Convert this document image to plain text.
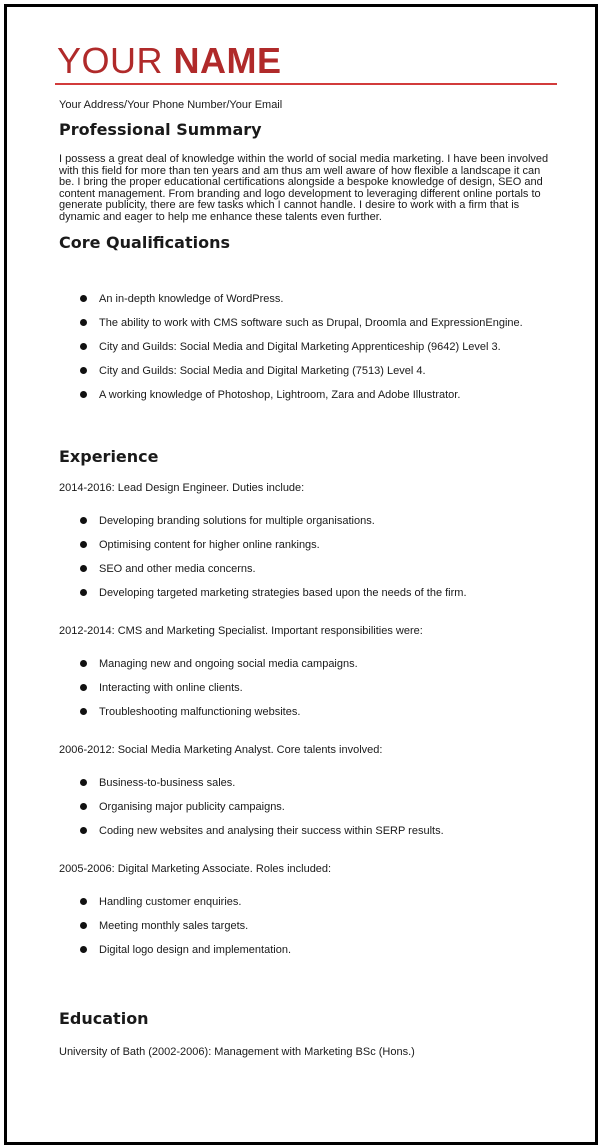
YOUR NAME
Your Address/Your Phone Number/Your Email
Professional Summary
I possess a great deal of knowledge within the world of social media marketing. I have been involved with this field for more than ten years and am thus am well aware of how flexible a landscape it can be. I bring the proper educational certifications alongside a bespoke knowledge of design, SEO and content management. From branding and logo development to leveraging different online portals to generate publicity, there are few tasks which I cannot handle. I desire to work with a firm that is dynamic and eager to help me enhance these talents even further.
Core Qualifications
An in-depth knowledge of WordPress.
The ability to work with CMS software such as Drupal, Droomla and ExpressionEngine.
City and Guilds: Social Media and Digital Marketing Apprenticeship (9642) Level 3.
City and Guilds: Social Media and Digital Marketing (7513) Level 4.
A working knowledge of Photoshop, Lightroom, Zara and Adobe Illustrator.
Experience
2014-2016: Lead Design Engineer. Duties include:
Developing branding solutions for multiple organisations.
Optimising content for higher online rankings.
SEO and other media concerns.
Developing targeted marketing strategies based upon the needs of the firm.
2012-2014: CMS and Marketing Specialist. Important responsibilities were:
Managing new and ongoing social media campaigns.
Interacting with online clients.
Troubleshooting malfunctioning websites.
2006-2012: Social Media Marketing Analyst. Core talents involved:
Business-to-business sales.
Organising major publicity campaigns.
Coding new websites and analysing their success within SERP results.
2005-2006: Digital Marketing Associate. Roles included:
Handling customer enquiries.
Meeting monthly sales targets.
Digital logo design and implementation.
Education
University of Bath (2002-2006): Management with Marketing BSc (Hons.)
